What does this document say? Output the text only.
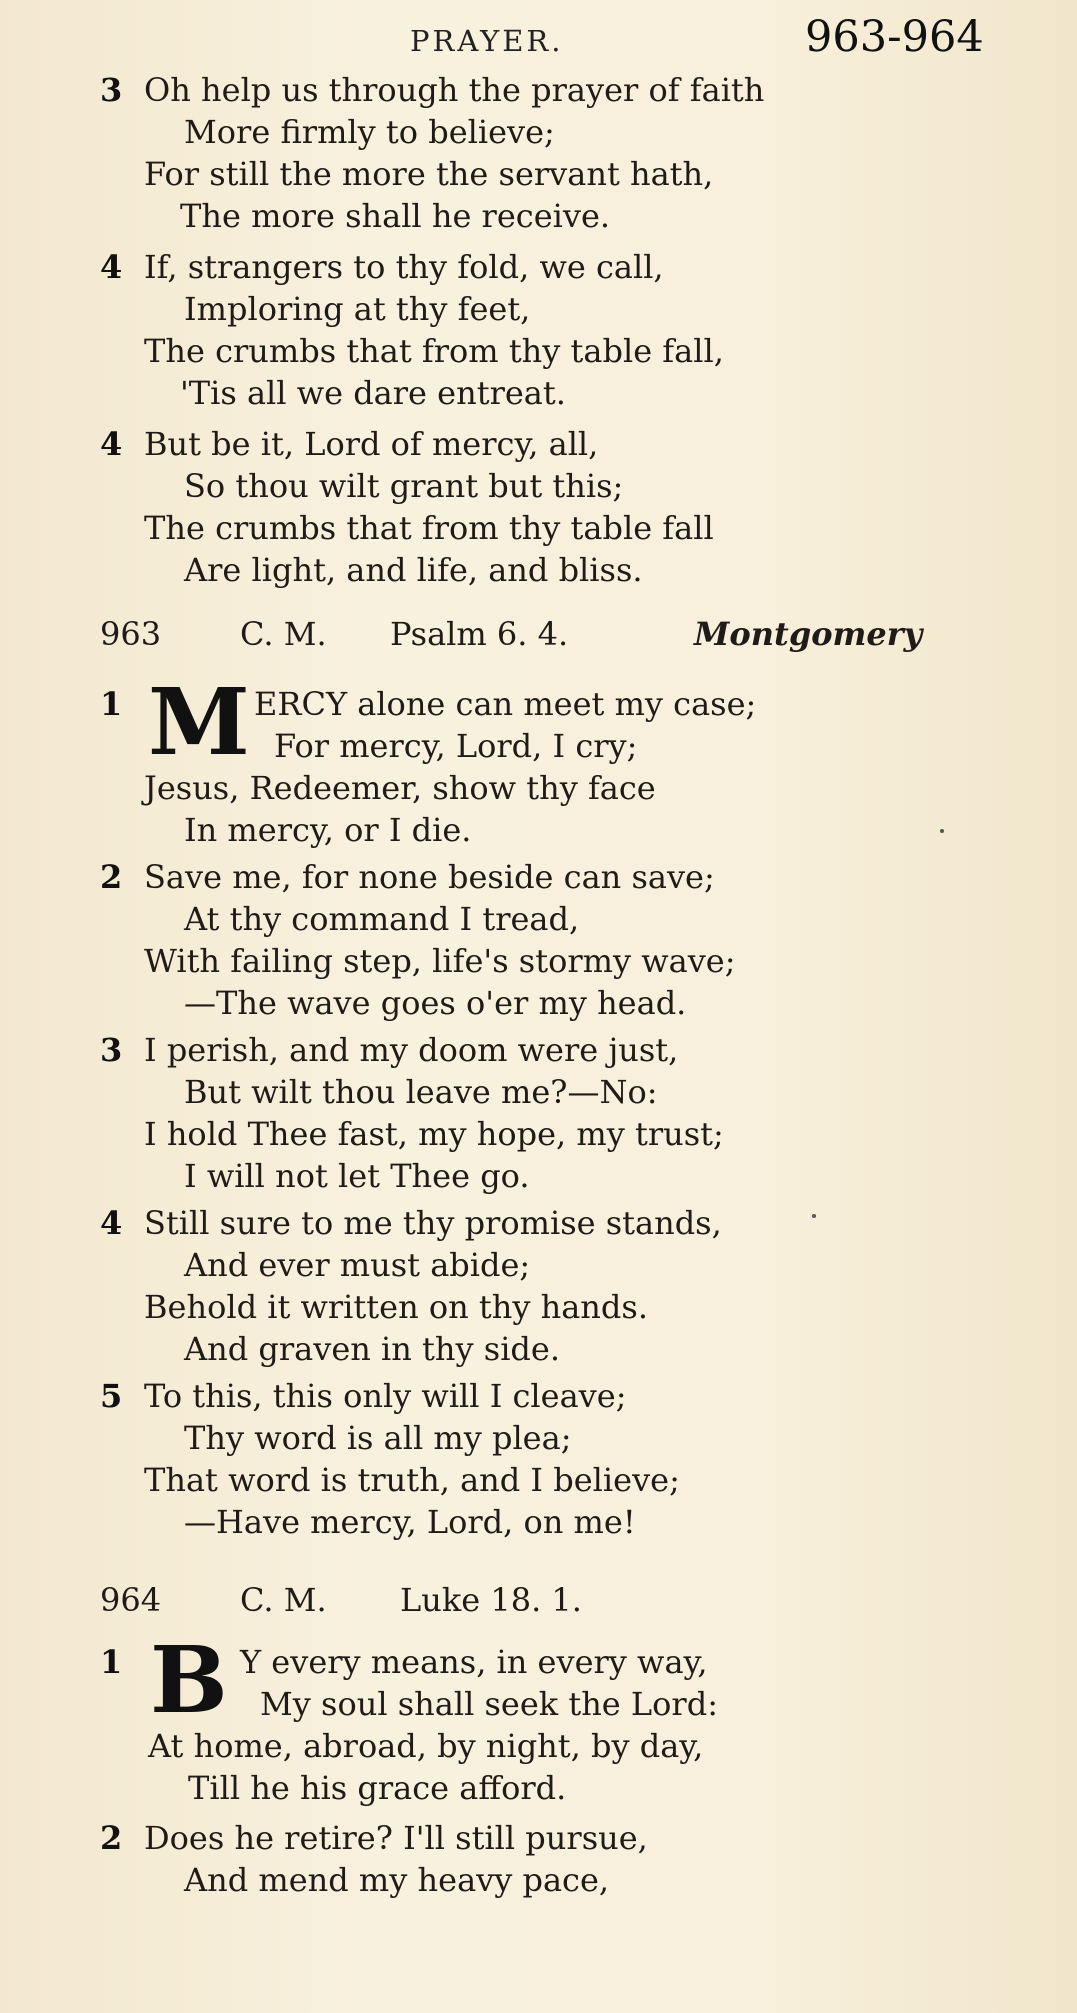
PRAYER.	963-964
3 Oh help us through the prayer of faith
More firmly to believe;
For still the more the servant hath,
The more shall he receive.
4 If, strangers to thy fold, we call,
Imploring at thy feet,
The crumbs that from thy table fall,
'Tis all we dare entreat.
4 But be it, Lord of mercy, all,
So thou wilt grant but this;
The crumbs that from thy table fall
Are light, and life, and bliss.
963 C. M. Psalm 6. 4.	Montgomery
1 M ERCY alone can meet my case;
For mercy, Lord, I cry;
Jesus, Redeemer, show thy face
In mercy, or I die.
2 Save me, for none beside can save;
At thy command I tread,
With failing step, life's stormy wave;
—The wave goes o'er my head.
3 I perish, and my doom were just,
But wilt thou leave me?—No:
I hold Thee fast, my hope, my trust;
I will not let Thee go.
4 Still sure to me thy promise stands,
And ever must abide;
Behold it written on thy hands.
And graven in thy side.
5 To this, this only will I cleave;
Thy word is all my plea;
That word is truth, and I believe;
—Have mercy, Lord, on me!
964 C. M. Luke 18. 1.
1 B Y every means, in every way,
My soul shall seek the Lord:
At home, abroad, by night, by day,
Till he his grace afford.
2 Does he retire? I'll still pursue,
And mend my heavy pace,
